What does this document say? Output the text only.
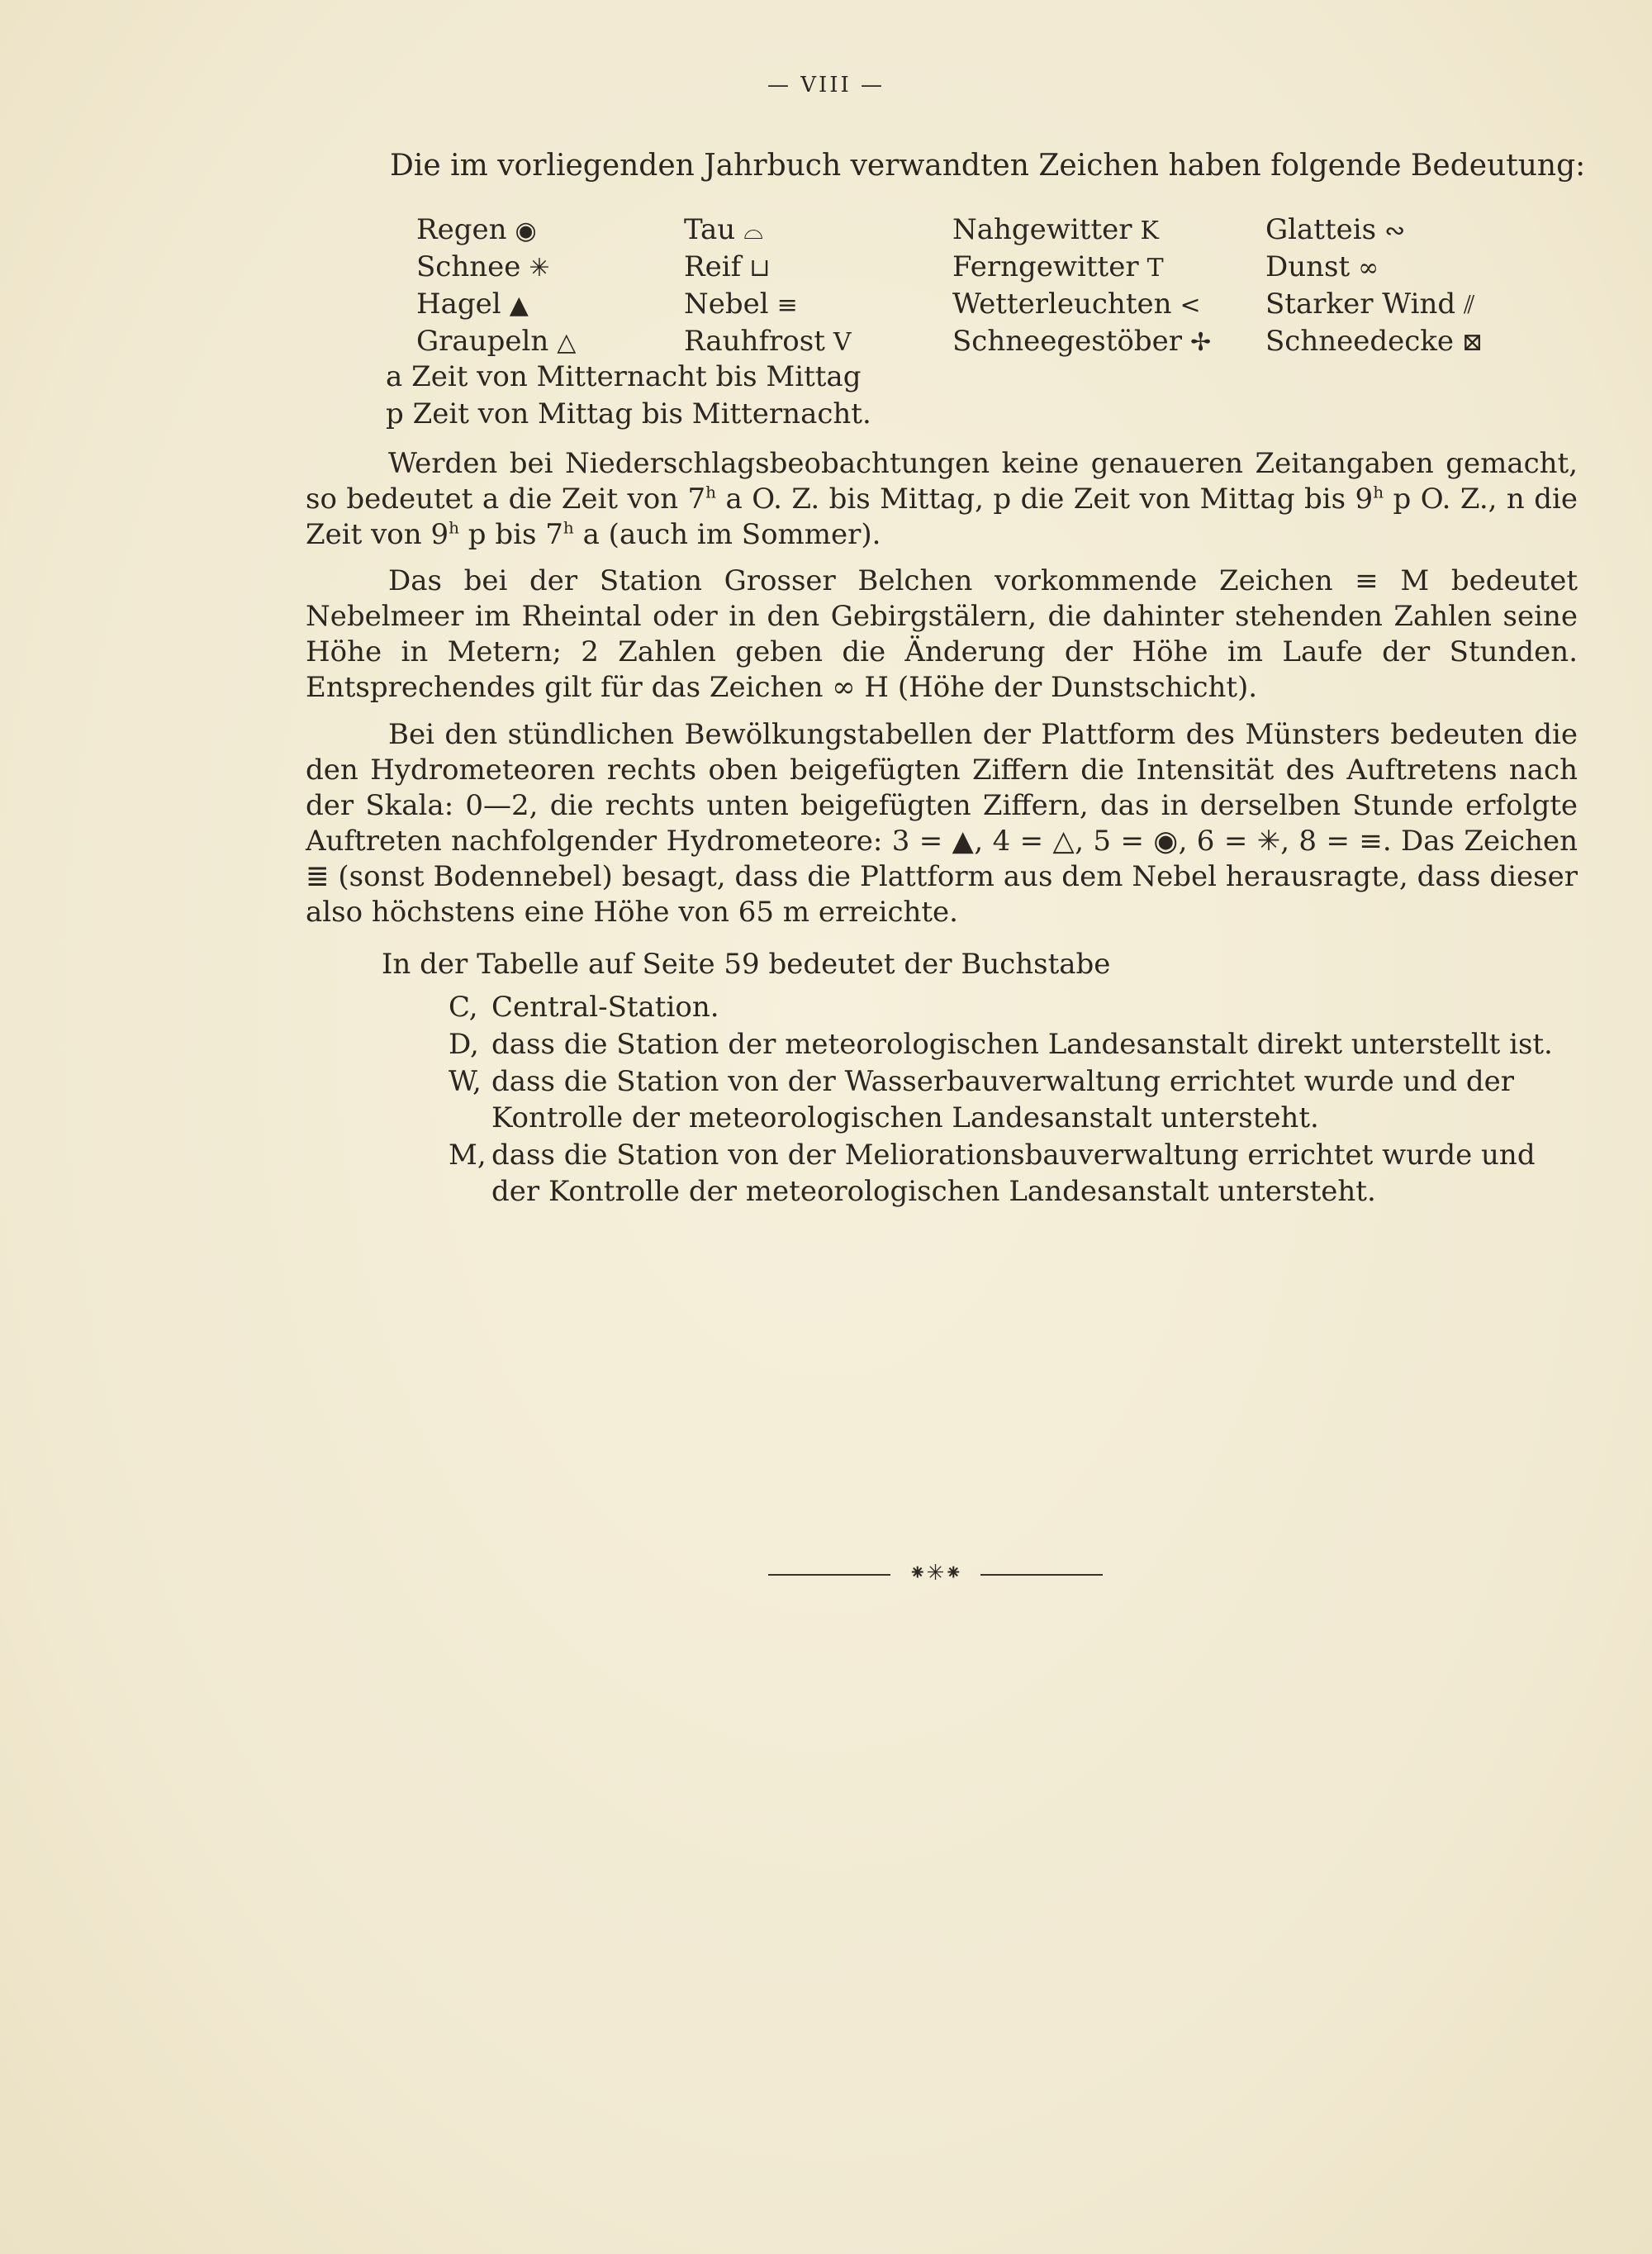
— VIII —
Die im vorliegenden Jahrbuch verwandten Zeichen haben folgende Bedeutung:
Regen ◉
Schnee ✳
Hagel ▲
Graupeln △
Tau ⌓
Reif ⊔
Nebel ≡
Rauhfrost V
Nahgewitter K
Ferngewitter T
Wetterleuchten <
Schneegestöber ✢
Glatteis ∾
Dunst ∞
Starker Wind ⫽
Schneedecke ⊠
a Zeit von Mitternacht bis Mittag
p Zeit von Mittag bis Mitternacht.
Werden bei Niederschlagsbeobachtungen keine genaueren Zeitangaben gemacht, so bedeutet a die Zeit von 7$^h$ a O. Z. bis Mittag, p die Zeit von Mittag bis 9$^h$ p O. Z., n die Zeit von 9$^h$ p bis 7$^h$ a (auch im Sommer).
Das bei der Station Grosser Belchen vorkommende Zeichen ≡ M bedeutet Nebelmeer im Rheintal oder in den Gebirgstälern, die dahinter stehenden Zahlen seine Höhe in Metern; 2 Zahlen geben die Änderung der Höhe im Laufe der Stunden. Entsprechendes gilt für das Zeichen ∞ H (Höhe der Dunstschicht).
Bei den stündlichen Bewölkungstabellen der Plattform des Münsters bedeuten die den Hydrometeoren rechts oben beigefügten Ziffern die Intensität des Auftretens nach der Skala: 0—2, die rechts unten beigefügten Ziffern, das in derselben Stunde erfolgte Auftreten nachfolgender Hydrometeore: 3 = ▲, 4 = △, 5 = ◉, 6 = ✳, 8 = ≡. Das Zeichen ≣ (sonst Bodennebel) besagt, dass die Plattform aus dem Nebel herausragte, dass dieser also höchstens eine Höhe von 65 m erreichte.
In der Tabelle auf Seite 59 bedeutet der Buchstabe
C, Central-Station.
D, dass die Station der meteorologischen Landesanstalt direkt unterstellt ist.
W, dass die Station von der Wasserbauverwaltung errichtet wurde und der Kontrolle der meteorologischen Landesanstalt untersteht.
M, dass die Station von der Meliorationsbauverwaltung errichtet wurde und der Kontrolle der meteorologischen Landesanstalt untersteht.
⁕✳⁕
